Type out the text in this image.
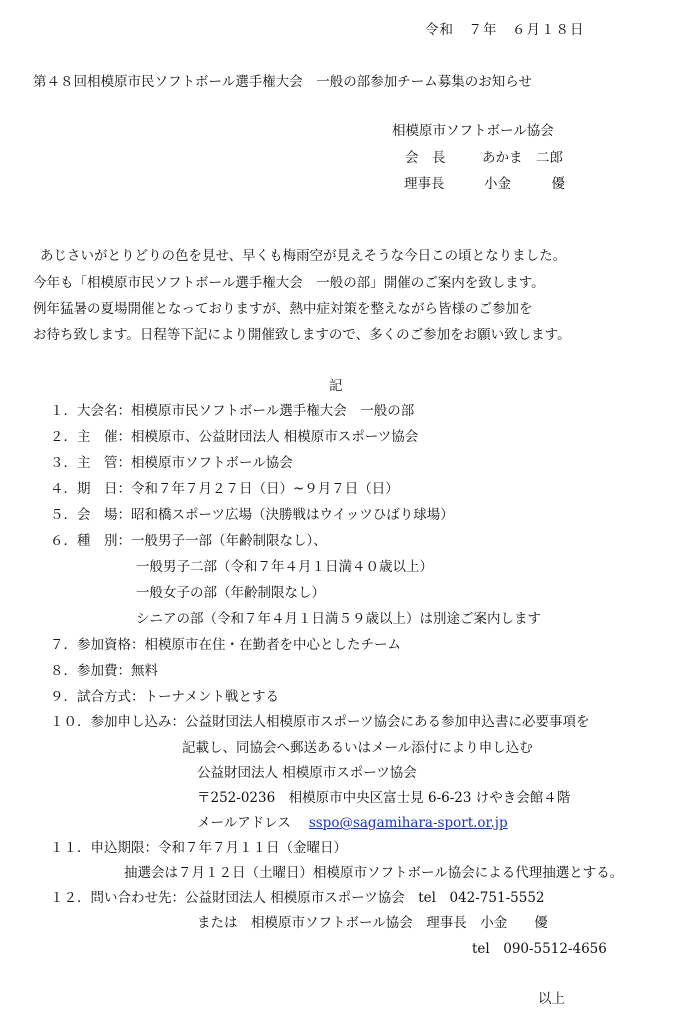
令和　７年　６月１８日
第４８回相模原市民ソフトボール選手権大会　一般の部参加チーム募集のお知らせ
相模原市ソフトボール協会
会　長	あかま　二郎
理事長	小金　　　優
あじさいがとりどりの色を見せ、早くも梅雨空が見えそうな今日この頃となりました。
今年も「相模原市民ソフトボール選手権大会　一般の部」開催のご案内を致します。
例年猛暑の夏場開催となっておりますが、熱中症対策を整えながら皆様のご参加を
お待ち致します。日程等下記により開催致しますので、多くのご参加をお願い致します。
記
１．大会名：相模原市民ソフトボール選手権大会　一般の部
２．主　催：相模原市、公益財団法人 相模原市スポーツ協会
３．主　管：相模原市ソフトボール協会
４．期　日：令和７年７月２７日（日）~９月７日（日）
５．会　場：昭和橋スポーツ広場（決勝戦はウイッツひばり球場）
６．種　別：一般男子一部（年齢制限なし）、
一般男子二部（令和７年４月１日満４０歳以上）
一般女子の部（年齢制限なし）
シニアの部（令和７年４月１日満５９歳以上）は別途ご案内します
７．参加資格：相模原市在住・在勤者を中心としたチーム
８．参加費：無料
９．試合方式：トーナメント戦とする
１０．参加申し込み：公益財団法人相模原市スポーツ協会にある参加申込書に必要事項を
記載し、同協会へ郵送あるいはメール添付により申し込む
公益財団法人 相模原市スポーツ協会
〒252-0236　相模原市中央区富士見 6-6-23 けやき会館４階
メールアドレス sspo@sagamihara-sport.or.jp
１１．申込期限：令和７年７月１１日（金曜日）
抽選会は７月１２日（土曜日）相模原市ソフトボール協会による代理抽選とする。
１２．問い合わせ先：公益財団法人 相模原市スポーツ協会　tel　042-751-5552
または　相模原市ソフトボール協会　理事長　小金　　優
tel　090-5512-4656
以上
